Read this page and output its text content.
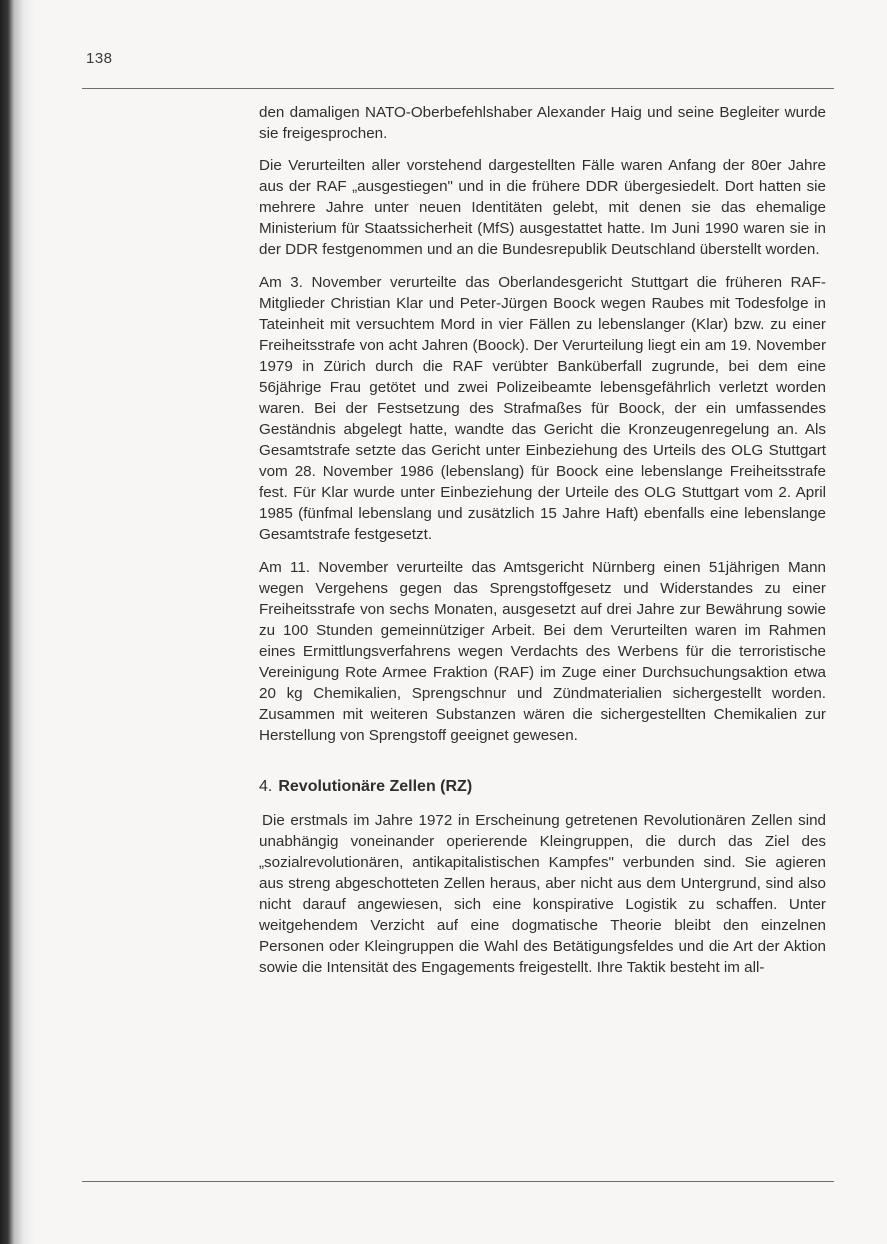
138

den damaligen NATO-Oberbefehlshaber Alexander Haig und seine Begleiter wurde sie freigesprochen.

Die Verurteilten aller vorstehend dargestellten Fälle waren Anfang der 80er Jahre aus der RAF „ausgestiegen" und in die frühere DDR übergesiedelt. Dort hatten sie mehrere Jahre unter neuen Identitäten gelebt, mit denen sie das ehemalige Ministerium für Staatssicherheit (MfS) ausgestattet hatte. Im Juni 1990 waren sie in der DDR festgenommen und an die Bundesrepublik Deutschland überstellt worden.

Am 3. November verurteilte das Oberlandesgericht Stuttgart die früheren RAF-Mitglieder Christian Klar und Peter-Jürgen Boock wegen Raubes mit Todesfolge in Tateinheit mit versuchtem Mord in vier Fällen zu lebenslanger (Klar) bzw. zu einer Freiheitsstrafe von acht Jahren (Boock). Der Verurteilung liegt ein am 19. November 1979 in Zürich durch die RAF verübter Banküberfall zugrunde, bei dem eine 56jährige Frau getötet und zwei Polizeibeamte lebensgefährlich verletzt worden waren. Bei der Festsetzung des Strafmaßes für Boock, der ein umfassendes Geständnis abgelegt hatte, wandte das Gericht die Kronzeugenregelung an. Als Gesamtstrafe setzte das Gericht unter Einbeziehung des Urteils des OLG Stuttgart vom 28. November 1986 (lebenslang) für Boock eine lebenslange Freiheitsstrafe fest. Für Klar wurde unter Einbeziehung der Urteile des OLG Stuttgart vom 2. April 1985 (fünfmal lebenslang und zusätzlich 15 Jahre Haft) ebenfalls eine lebenslange Gesamtstrafe festgesetzt.

Am 11. November verurteilte das Amtsgericht Nürnberg einen 51jährigen Mann wegen Vergehens gegen das Sprengstoffgesetz und Widerstandes zu einer Freiheitsstrafe von sechs Monaten, ausgesetzt auf drei Jahre zur Bewährung sowie zu 100 Stunden gemeinnütziger Arbeit. Bei dem Verurteilten waren im Rahmen eines Ermittlungsverfahrens wegen Verdachts des Werbens für die terroristische Vereinigung Rote Armee Fraktion (RAF) im Zuge einer Durchsuchungsaktion etwa 20 kg Chemikalien, Sprengschnur und Zündmaterialien sichergestellt worden. Zusammen mit weiteren Substanzen wären die sichergestellten Chemikalien zur Herstellung von Sprengstoff geeignet gewesen.

4. Revolutionäre Zellen (RZ)

Die erstmals im Jahre 1972 in Erscheinung getretenen Revolutionären Zellen sind unabhängig voneinander operierende Kleingruppen, die durch das Ziel des „sozialrevolutionären, antikapitalistischen Kampfes" verbunden sind. Sie agieren aus streng abgeschotteten Zellen heraus, aber nicht aus dem Untergrund, sind also nicht darauf angewiesen, sich eine konspirative Logistik zu schaffen. Unter weitgehendem Verzicht auf eine dogmatische Theorie bleibt den einzelnen Personen oder Kleingruppen die Wahl des Betätigungsfeldes und die Art der Aktion sowie die Intensität des Engagements freigestellt. Ihre Taktik besteht im all-
